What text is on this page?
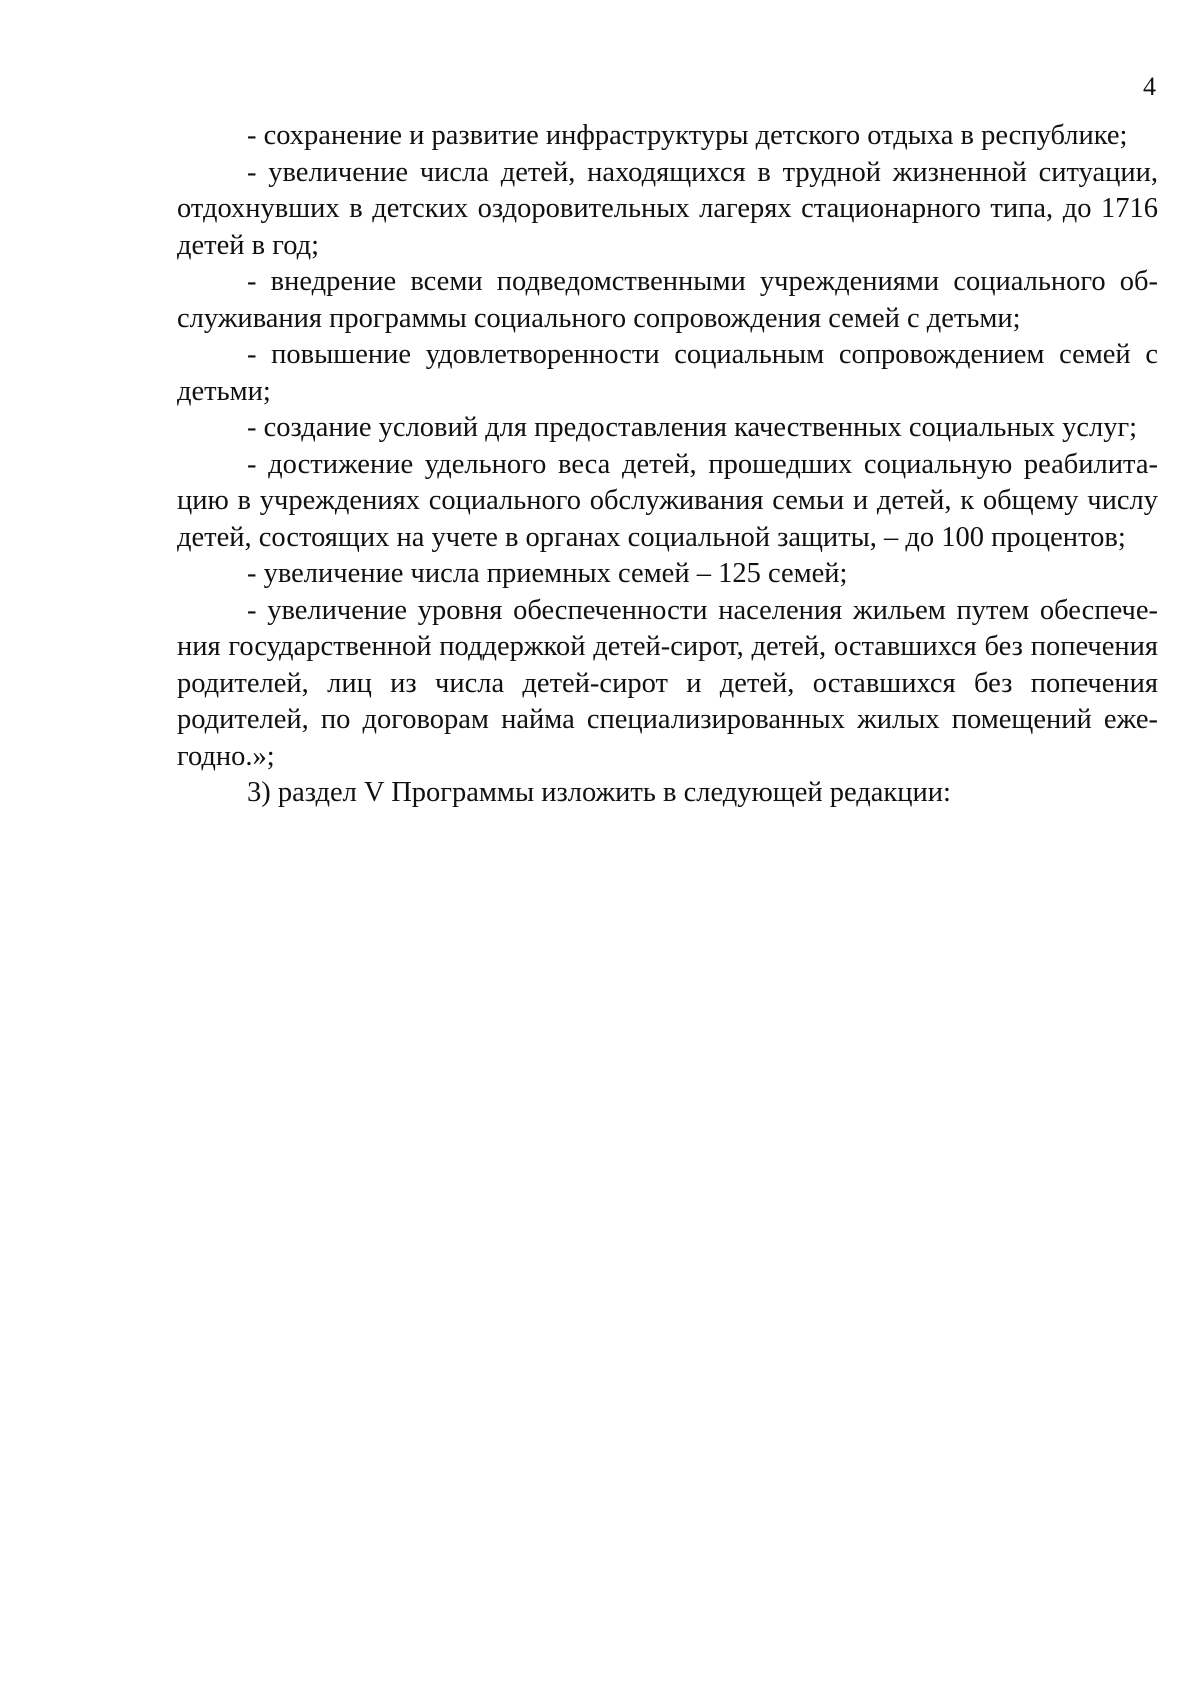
4

- сохранение и развитие инфраструктуры детского отдыха в республике;

- увеличение числа детей, находящихся в трудной жизненной ситуации, отдохнувших в детских оздоровительных лагерях стационарного типа, до 1716 детей в год;

- внедрение всеми подведомственными учреждениями социального обслуживания программы социального сопровождения семей с детьми;

- повышение удовлетворенности социальным сопровождением семей с детьми;

- создание условий для предоставления качественных социальных услуг;

- достижение удельного веса детей, прошедших социальную реабилитацию в учреждениях социального обслуживания семьи и детей, к общему числу детей, состоящих на учете в органах социальной защиты, – до 100 процентов;

- увеличение числа приемных семей – 125 семей;

- увеличение уровня обеспеченности населения жильем путем обеспечения государственной поддержкой детей-сирот, детей, оставшихся без попечения родителей, лиц из числа детей-сирот и детей, оставшихся без попечения родителей, по договорам найма специализированных жилых помещений ежегодно.»;

3) раздел V Программы изложить в следующей редакции:
